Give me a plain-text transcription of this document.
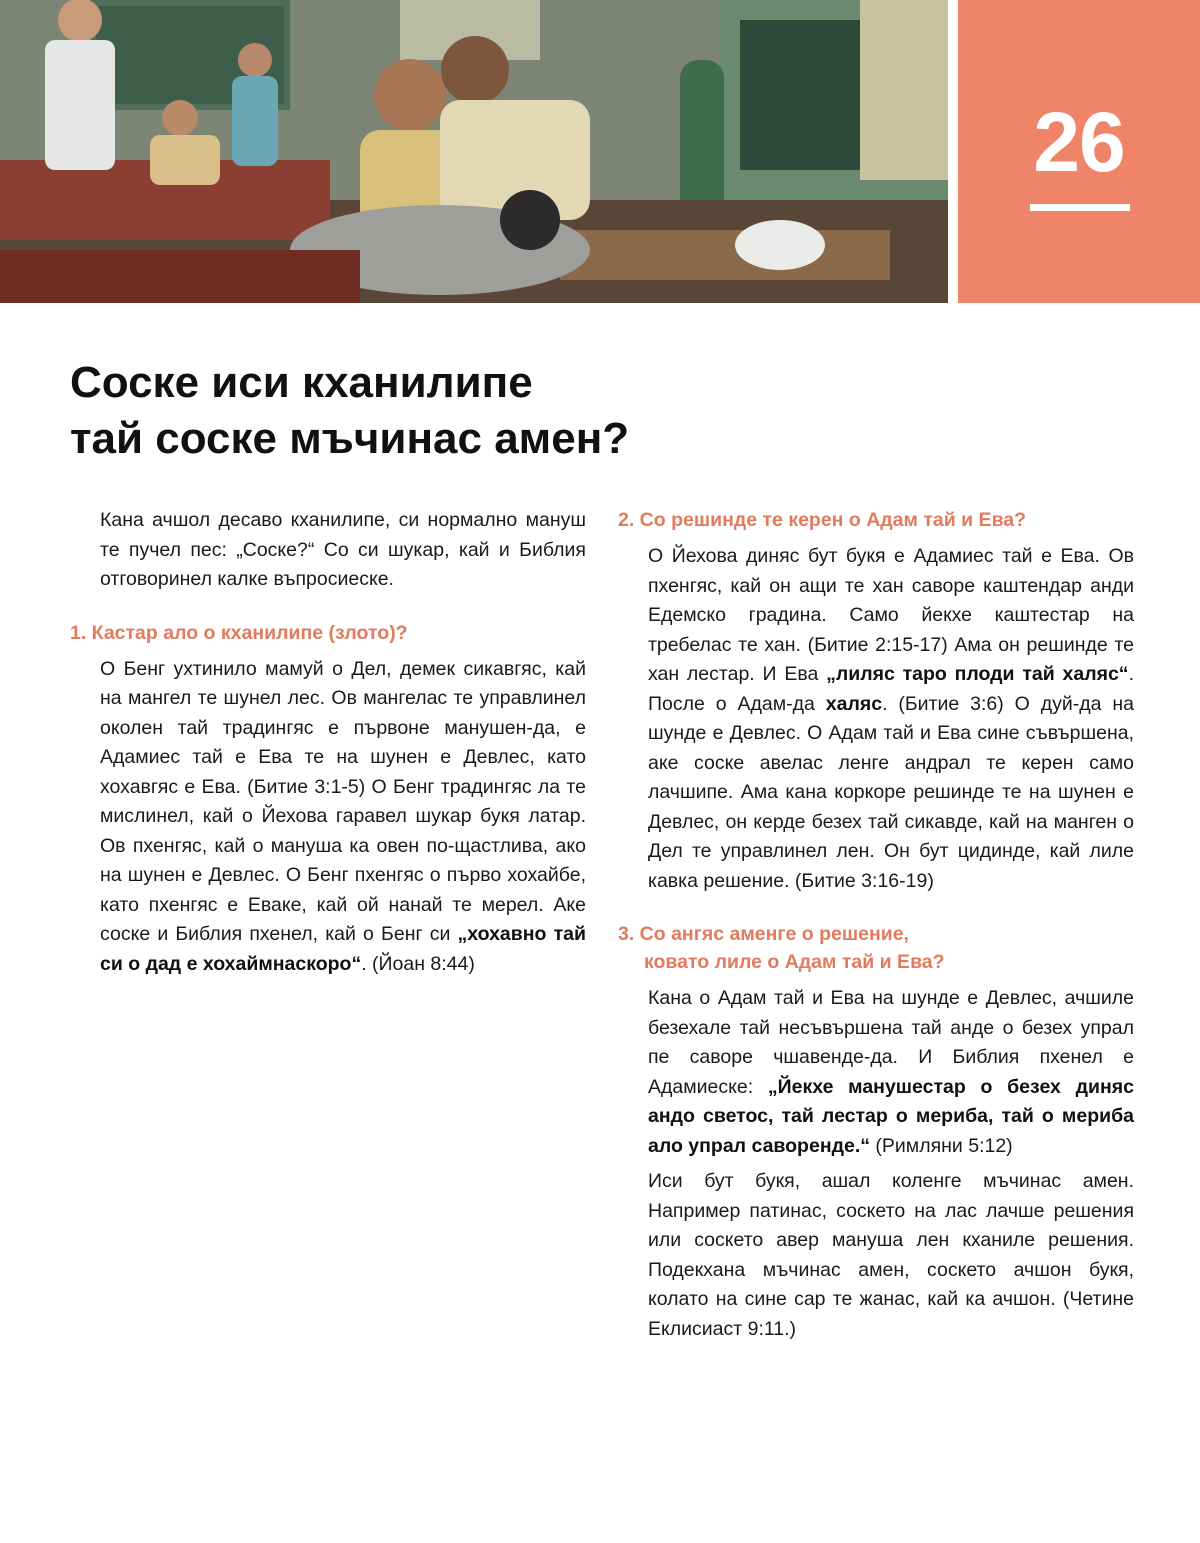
26
Соске иси кханилипе
тай соске мъчинас амен?

Кана ачшол десаво кханилипе, си нормално мануш те пучел пес: „Соске?“ Со си шукар, кай и Библия отговоринел калке въпросиеске.

1. Кастар ало о кханилипе (злото)?

О Бенг ухтинило мамуй о Дел, демек сикавгяс, кай на мангел те шунел лес. Ов мангелас те управлинел околен тай традингяс е първоне манушен-да, е Адамиес тай е Ева те на шунен е Девлес, като хохавгяс е Ева. (Битие 3:1-5) О Бенг традингяс ла те мислинел, кай о Йехова гаравел шукар букя латар. Ов пхенгяс, кай о мануша ка овен по-щастлива, ако на шунен е Девлес. О Бенг пхенгяс о първо хохайбе, като пхенгяс е Еваке, кай ой нанай те мерел. Аке соске и Библия пхенел, кай о Бенг си „хохавно тай си о дад е хохаймнаскоро“. (Йоан 8:44)

2. Со решинде те керен о Адам тай и Ева?

О Йехова диняс бут букя е Адамиес тай е Ева. Ов пхенгяс, кай он ащи те хан саворе каштендар анди Едемско градина. Само йекхе каштестар на требелас те хан. (Битие 2:15-17) Ама он решинде те хан лестар. И Ева „лиляс таро плоди тай халяс“. После о Адам-да халяс. (Битие 3:6) О дуй-да на шунде е Девлес. О Адам тай и Ева сине съвършена, аке соске авелас ленге андрал те керен само лачшипе. Ама кана коркоре решинде те на шунен е Девлес, он керде безех тай сикавде, кай на манген о Дел те управлинел лен. Он бут цидинде, кай лиле кавка решение. (Битие 3:16-19)

3. Со ангяс аменге о решение,
ковато лиле о Адам тай и Ева?

Кана о Адам тай и Ева на шунде е Девлес, ачшиле безехале тай несъвършена тай анде о безех упрал пе саворе чшавенде-да. И Библия пхенел е Адамиеске: „Йекхе манушестар о безех диняс андо светос, тай лестар о мериба, тай о мериба ало упрал саворенде.“ (Римляни 5:12)

Иси бут букя, ашал коленге мъчинас амен. Например патинас, соскето на лас лачше решения или соскето авер мануша лен кханиле решения. Подекхана мъчинас амен, соскето ачшон букя, колато на сине сар те жанас, кай ка ачшон. (Четине Еклисиаст 9:11.)
